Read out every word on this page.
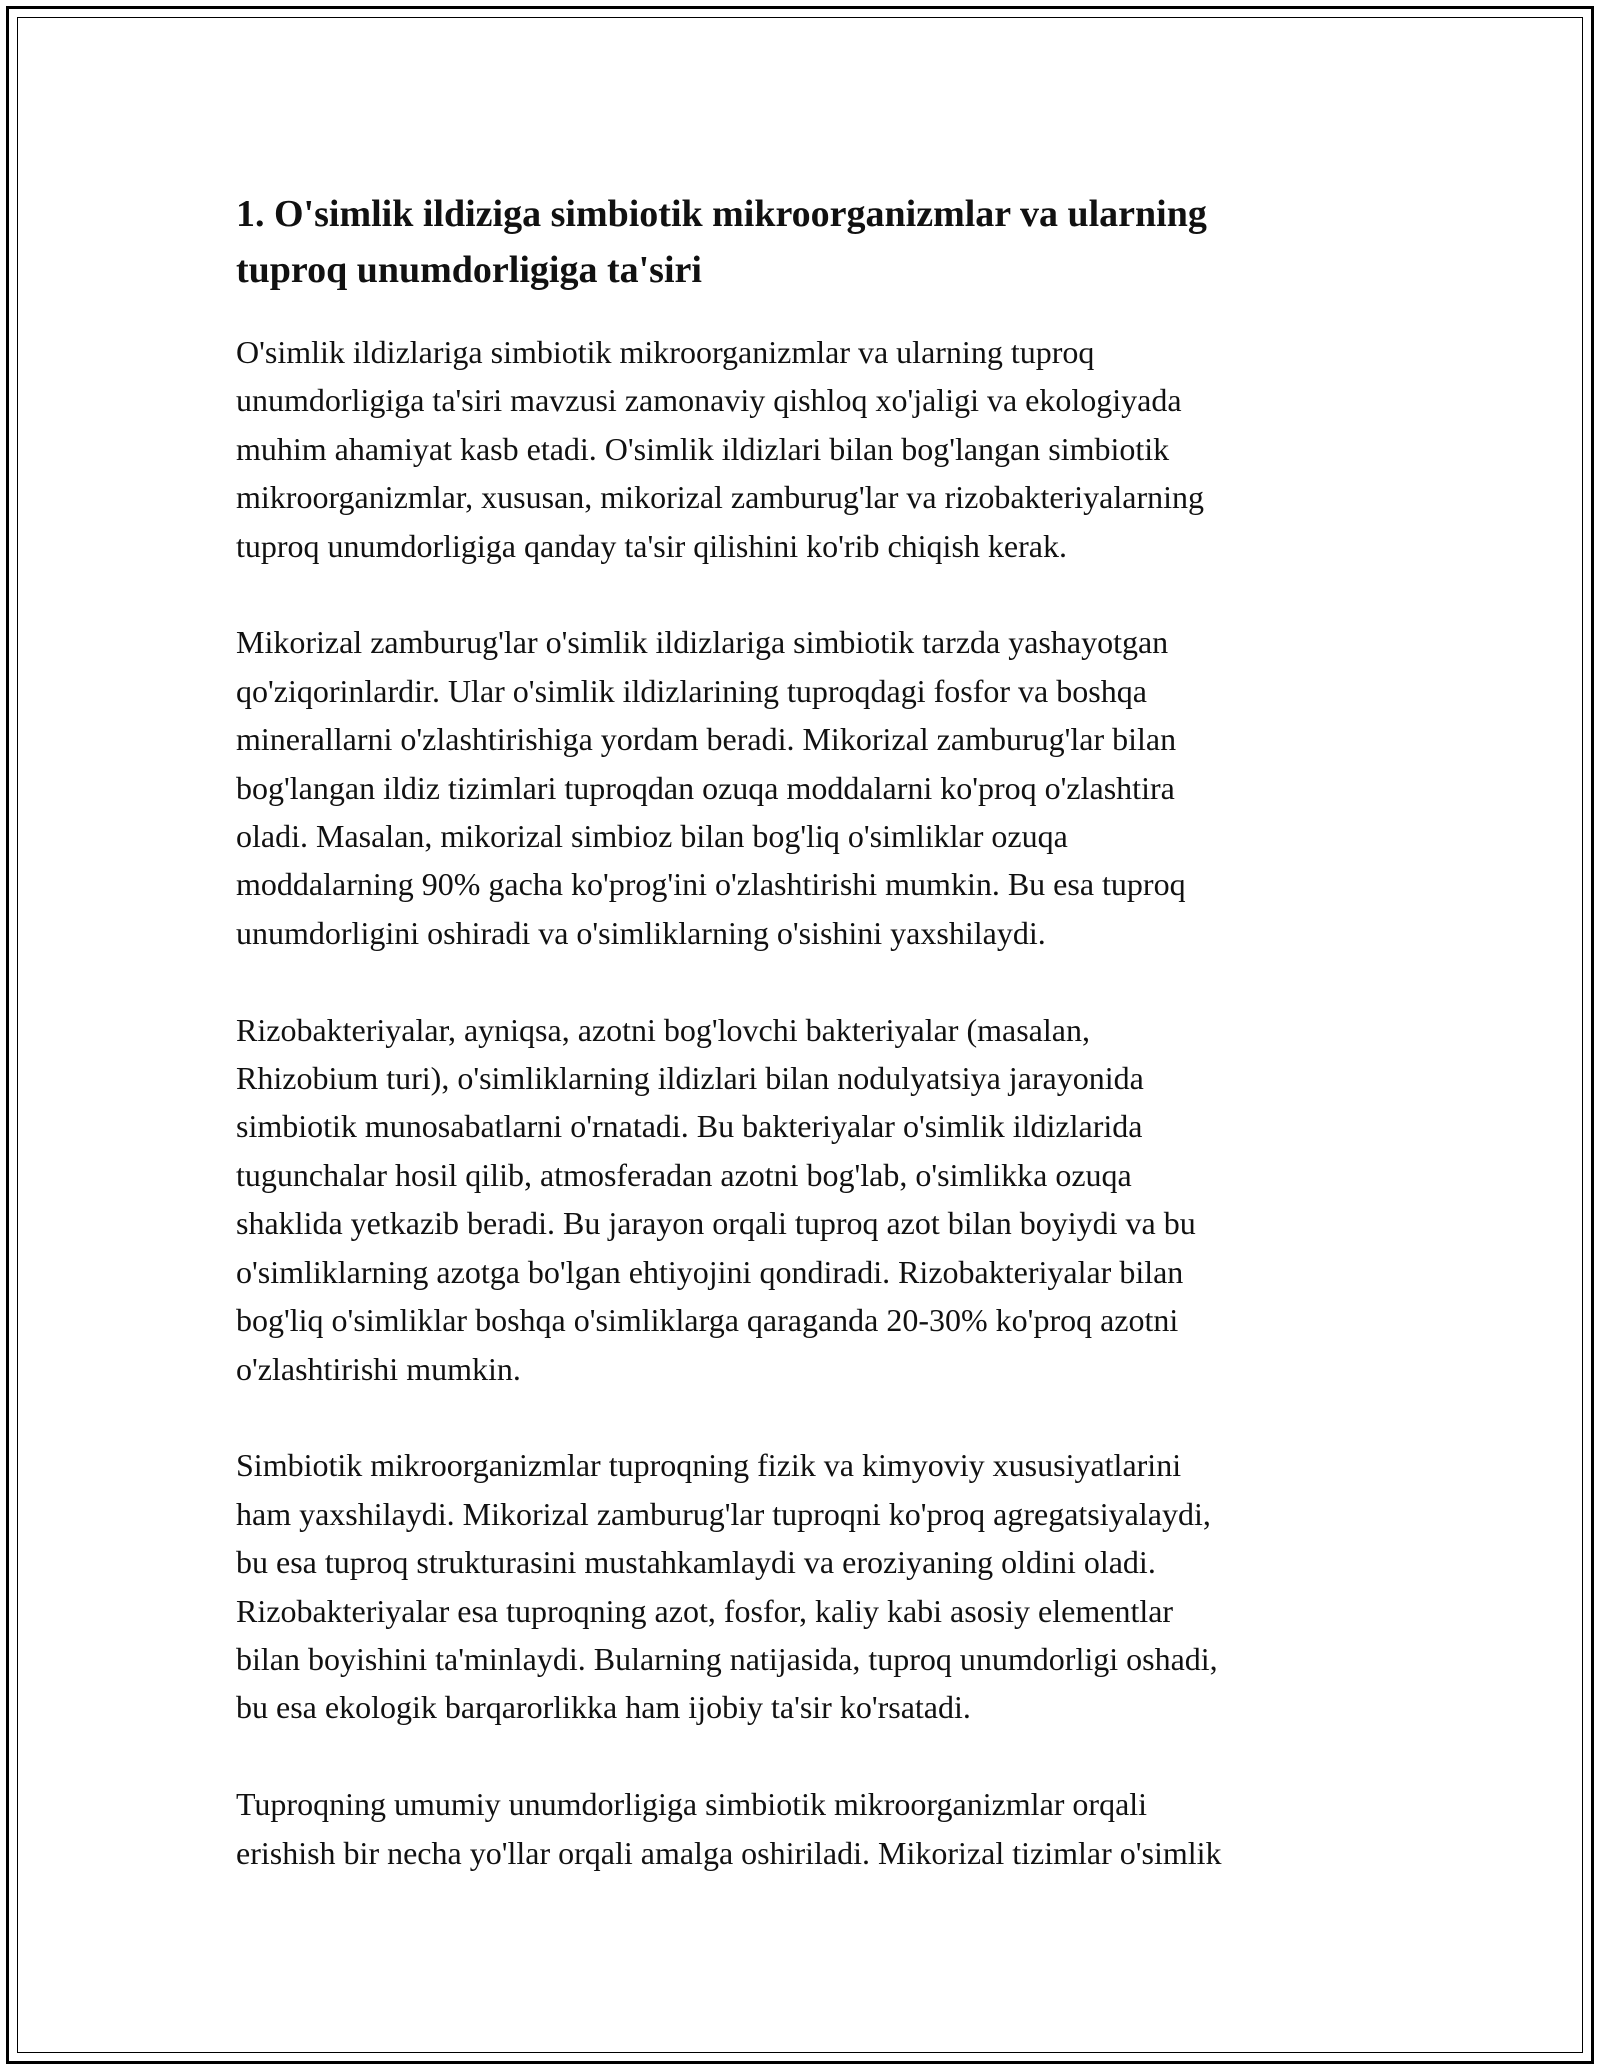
1. O'simlik ildiziga simbiotik mikroorganizmlar va ularning
tuproq unumdorligiga ta'siri

O'simlik ildizlariga simbiotik mikroorganizmlar va ularning tuproq
unumdorligiga ta'siri mavzusi zamonaviy qishloq xo'jaligi va ekologiyada
muhim ahamiyat kasb etadi. O'simlik ildizlari bilan bog'langan simbiotik
mikroorganizmlar, xususan, mikorizal zamburug'lar va rizobakteriyalarning
tuproq unumdorligiga qanday ta'sir qilishini ko'rib chiqish kerak.

Mikorizal zamburug'lar o'simlik ildizlariga simbiotik tarzda yashayotgan
qo'ziqorinlardir. Ular o'simlik ildizlarining tuproqdagi fosfor va boshqa
minerallarni o'zlashtirishiga yordam beradi. Mikorizal zamburug'lar bilan
bog'langan ildiz tizimlari tuproqdan ozuqa moddalarni ko'proq o'zlashtira
oladi. Masalan, mikorizal simbioz bilan bog'liq o'simliklar ozuqa
moddalarning 90% gacha ko'prog'ini o'zlashtirishi mumkin. Bu esa tuproq
unumdorligini oshiradi va o'simliklarning o'sishini yaxshilaydi.

Rizobakteriyalar, ayniqsa, azotni bog'lovchi bakteriyalar (masalan,
Rhizobium turi), o'simliklarning ildizlari bilan nodulyatsiya jarayonida
simbiotik munosabatlarni o'rnatadi. Bu bakteriyalar o'simlik ildizlarida
tugunchalar hosil qilib, atmosferadan azotni bog'lab, o'simlikka ozuqa
shaklida yetkazib beradi. Bu jarayon orqali tuproq azot bilan boyiydi va bu
o'simliklarning azotga bo'lgan ehtiyojini qondiradi. Rizobakteriyalar bilan
bog'liq o'simliklar boshqa o'simliklarga qaraganda 20-30% ko'proq azotni
o'zlashtirishi mumkin.

Simbiotik mikroorganizmlar tuproqning fizik va kimyoviy xususiyatlarini
ham yaxshilaydi. Mikorizal zamburug'lar tuproqni ko'proq agregatsiyalaydi,
bu esa tuproq strukturasini mustahkamlaydi va eroziyaning oldini oladi.
Rizobakteriyalar esa tuproqning azot, fosfor, kaliy kabi asosiy elementlar
bilan boyishini ta'minlaydi. Bularning natijasida, tuproq unumdorligi oshadi,
bu esa ekologik barqarorlikka ham ijobiy ta'sir ko'rsatadi.

Tuproqning umumiy unumdorligiga simbiotik mikroorganizmlar orqali
erishish bir necha yo'llar orqali amalga oshiriladi. Mikorizal tizimlar o'simlik
